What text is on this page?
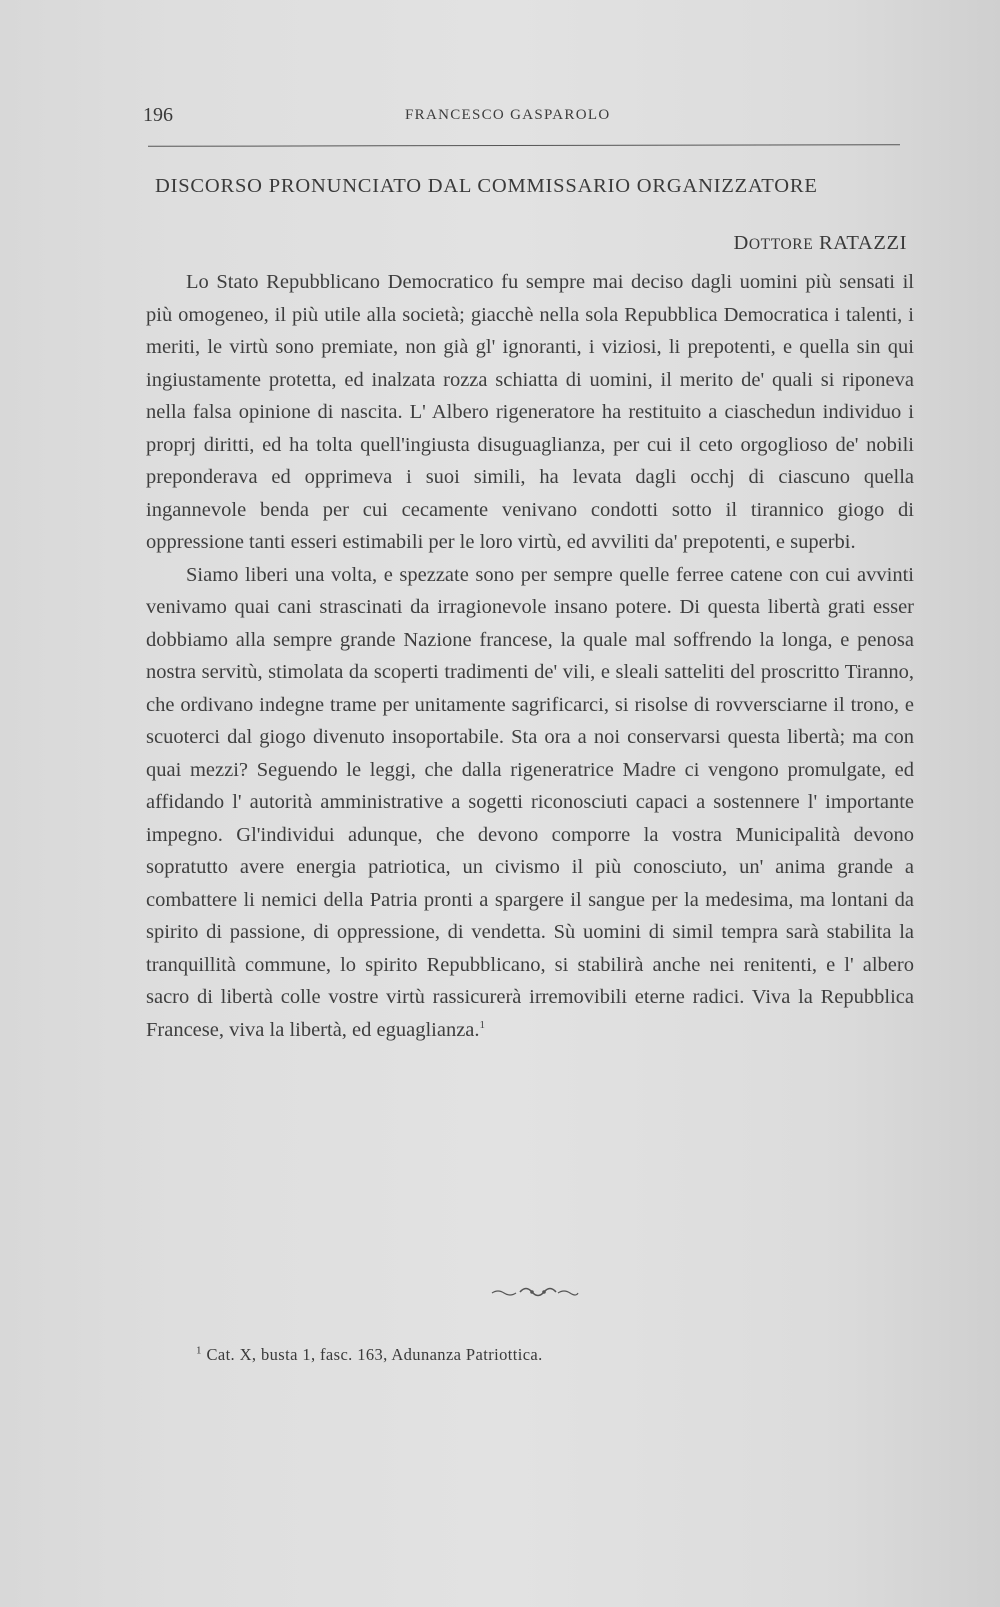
196	FRANCESCO GASPAROLO
DISCORSO PRONUNCIATO DAL COMMISSARIO ORGANIZZATORE
DOTTORE RATAZZI

Lo Stato Repubblicano Democratico fu sempre mai deciso dagli uomini più sensati il più omogeneo, il più utile alla società; giacchè nella sola Repubblica Democratica i talenti, i meriti, le virtù sono premiate, non già gl' ignoranti, i viziosi, li prepotenti, e quella sin qui ingiustamente protetta, ed inalzata rozza schiatta di uomini, il merito de' quali si riponeva nella falsa opinione di nascita. L' Albero rigeneratore ha restituito a ciaschedun individuo i proprj diritti, ed ha tolta quell'ingiusta disuguaglianza, per cui il ceto orgoglioso de' nobili preponderava ed opprimeva i suoi simili, ha levata dagli occhj di ciascuno quella ingannevole benda per cui cecamente venivano condotti sotto il tirannico giogo di oppressione tanti esseri estimabili per le loro virtù, ed avviliti da' prepotenti, e superbi.

Siamo liberi una volta, e spezzate sono per sempre quelle ferree catene con cui avvinti venivamo quai cani strascinati da irragionevole insano potere. Di questa libertà grati esser dobbiamo alla sempre grande Nazione francese, la quale mal soffrendo la longa, e penosa nostra servitù, stimolata da scoperti tradimenti de' vili, e sleali satteliti del proscritto Tiranno, che ordivano indegne trame per unitamente sagrificarci, si risolse di rovversciarne il trono, e scuoterci dal giogo divenuto insoportabile. Sta ora a noi conservarsi questa libertà; ma con quai mezzi? Seguendo le leggi, che dalla rigeneratrice Madre ci vengono promulgate, ed affidando l' autorità amministrative a sogetti riconosciuti capaci a sostennere l' importante impegno. Gl'individui adunque, che devono comporre la vostra Municipalità devono sopratutto avere energia patriotica, un civismo il più conosciuto, un' anima grande a combattere li nemici della Patria pronti a spargere il sangue per la medesima, ma lontani da spirito di passione, di oppressione, di vendetta. Sù uomini di simil tempra sarà stabilita la tranquillità commune, lo spirito Repubblicano, si stabilirà anche nei renitenti, e l' albero sacro di libertà colle vostre virtù rassicurerà irremovibili eterne radici. Viva la Repubblica Francese, viva la libertà, ed eguaglianza.$^1$

$^1$ Cat. X, busta 1, fasc. 163, Adunanza Patriottica.
